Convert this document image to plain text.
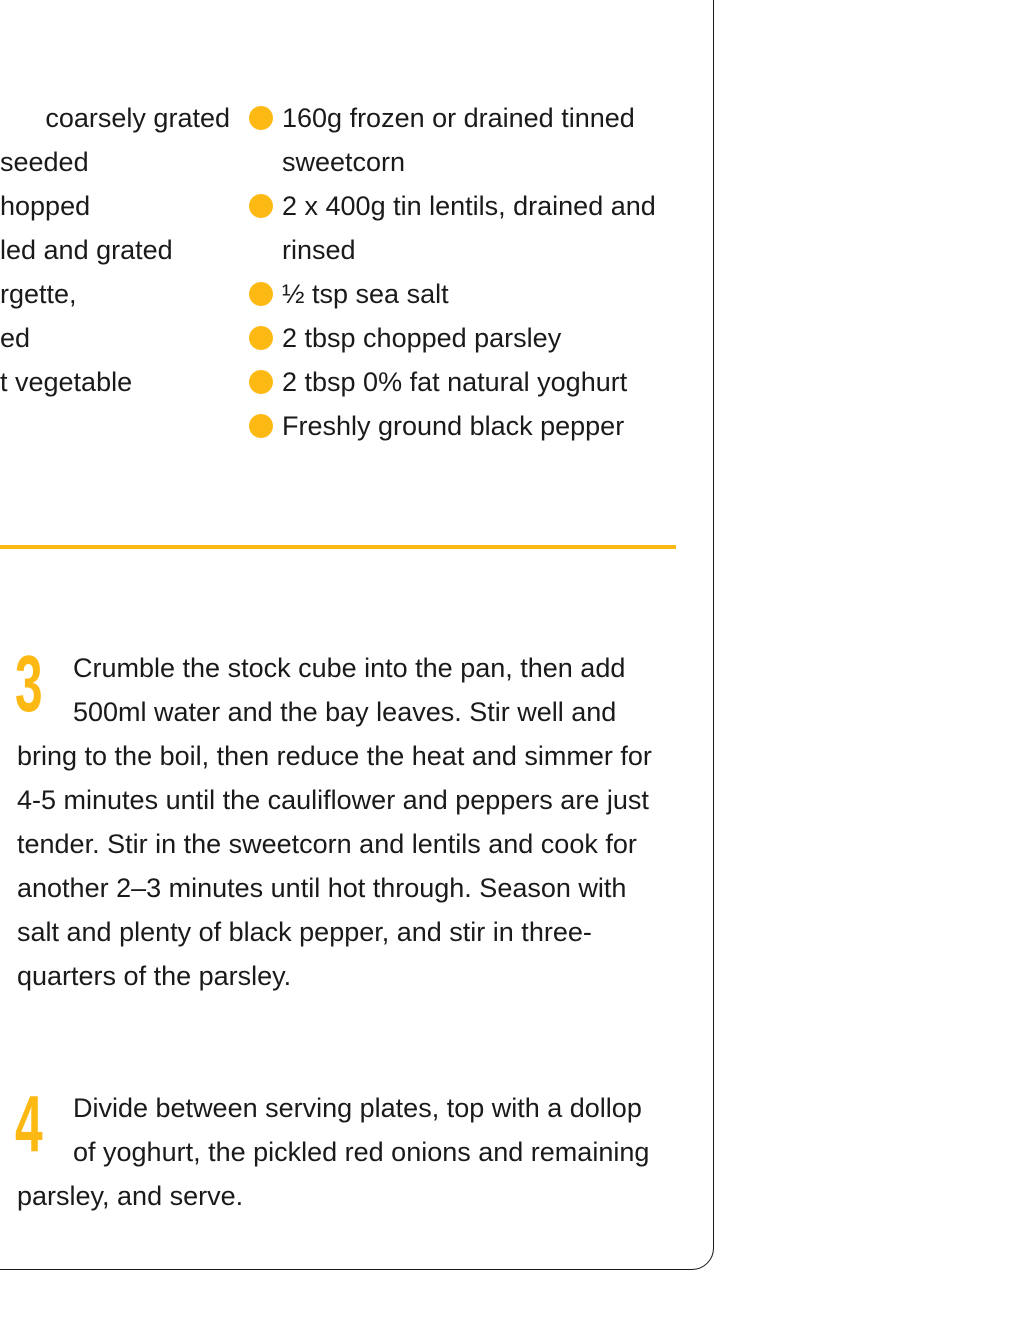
coarsely grated
seeded
hopped
led and grated
rgette,
ed
t vegetable
160g frozen or drained tinned sweetcorn
2 x 400g tin lentils, drained and rinsed
½ tsp sea salt
2 tbsp chopped parsley
2 tbsp 0% fat natural yoghurt
Freshly ground black pepper
3 Crumble the stock cube into the pan, then add 500ml water and the bay leaves. Stir well and bring to the boil, then reduce the heat and simmer for 4-5 minutes until the cauliflower and peppers are just tender. Stir in the sweetcorn and lentils and cook for another 2–3 minutes until hot through. Season with salt and plenty of black pepper, and stir in three-quarters of the parsley.
4 Divide between serving plates, top with a dollop of yoghurt, the pickled red onions and remaining parsley, and serve.
